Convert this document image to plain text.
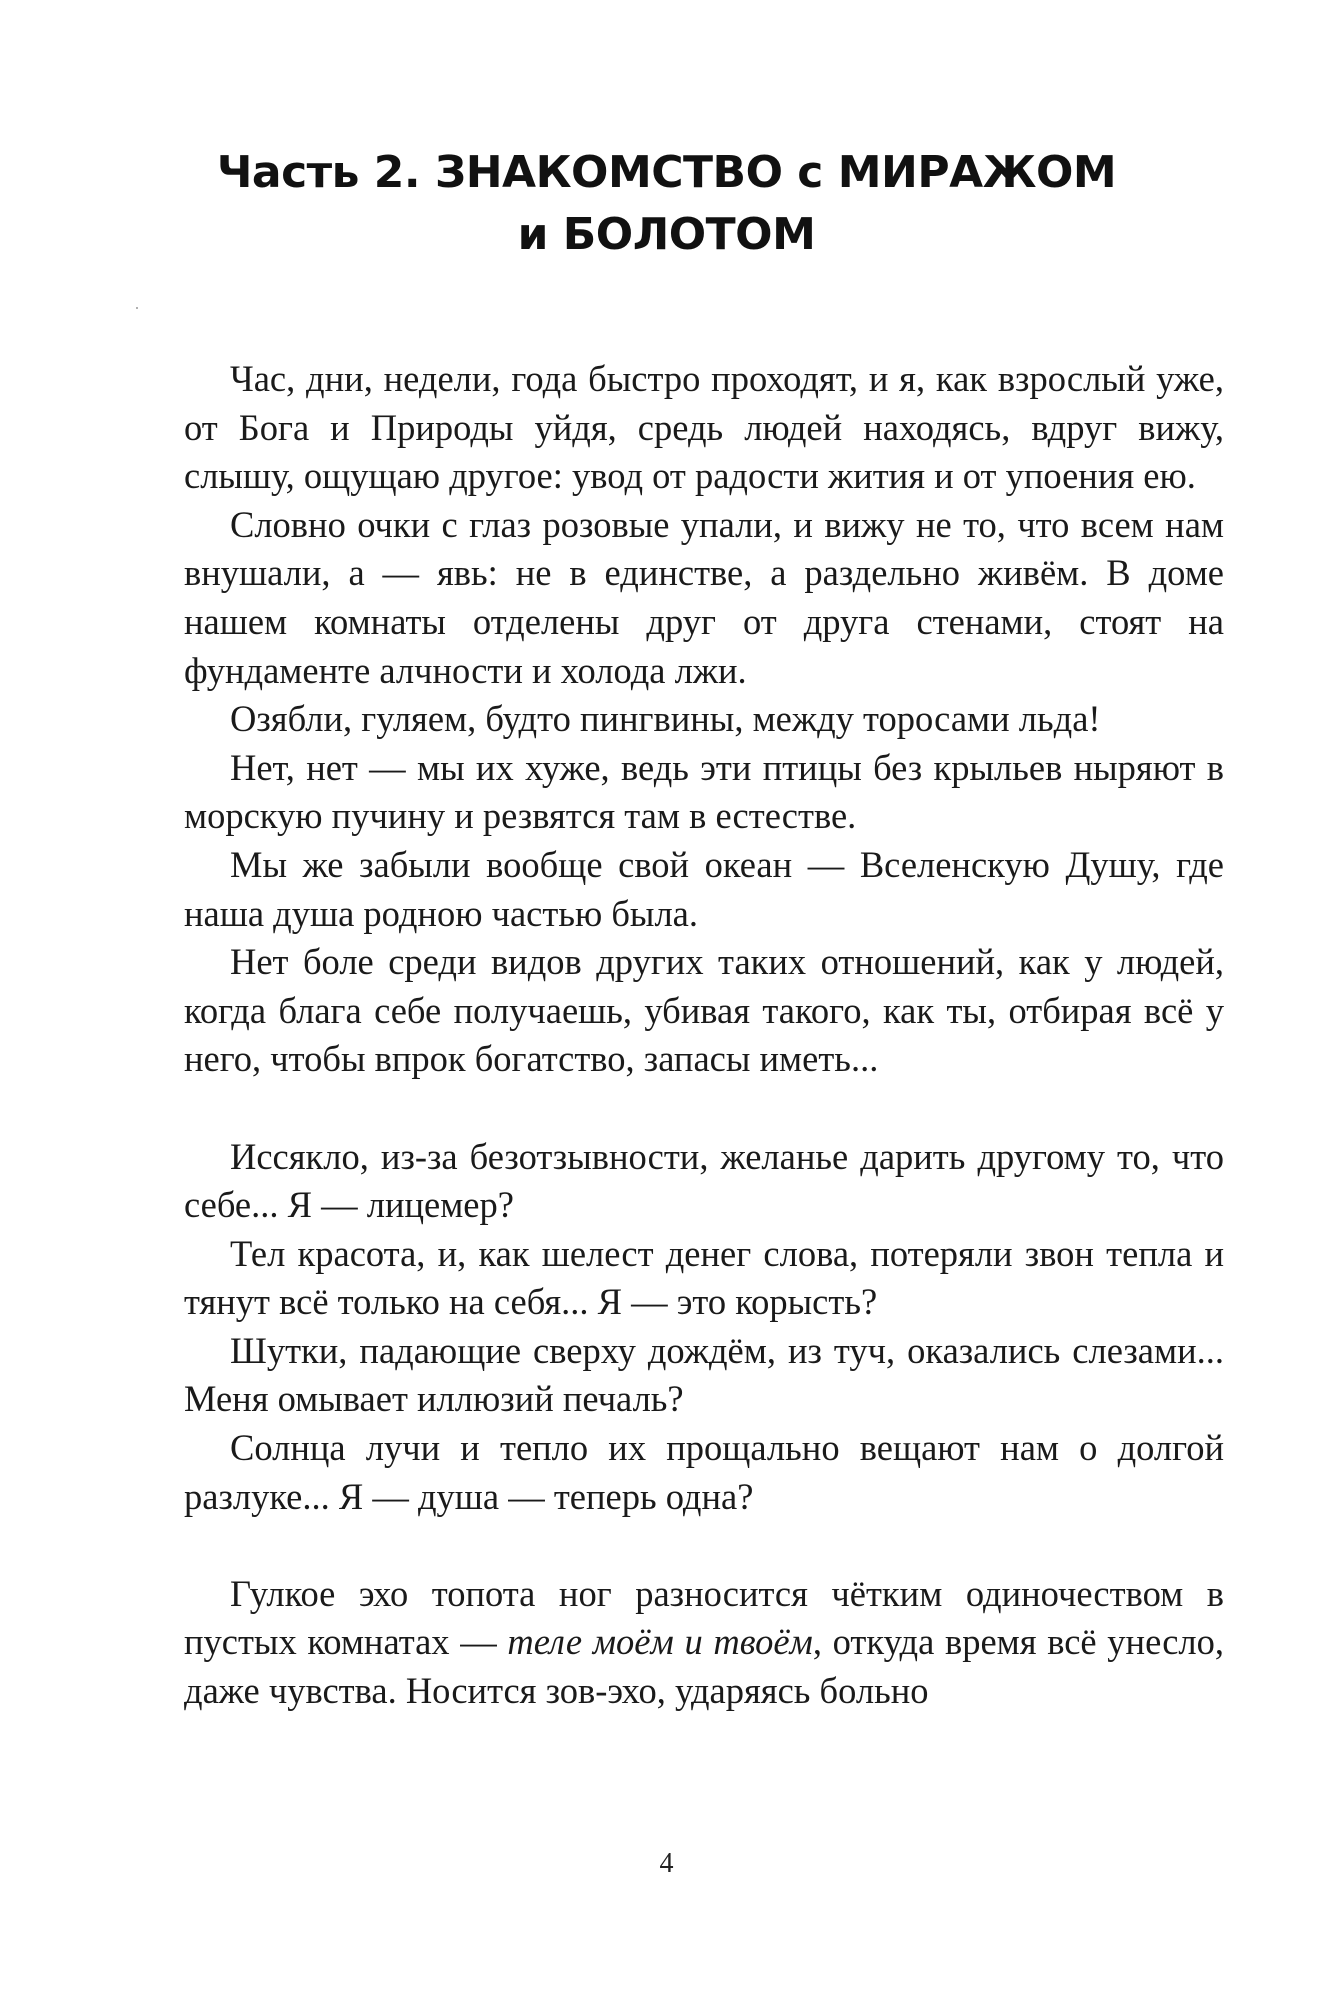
Часть 2. ЗНАКОМСТВО с МИРАЖОМ
и БОЛОТОМ

Час, дни, недели, года быстро проходят, и я, как взрослый уже, от Бога и Природы уйдя, средь людей находясь, вдруг вижу, слышу, ощущаю другое: увод от радости жития и от упоения ею.

Словно очки с глаз розовые упали, и вижу не то, что всем нам внушали, а — явь: не в единстве, а раздельно живём. В доме нашем комнаты отделены друг от друга стенами, стоят на фундаменте алчности и холода лжи.

Озябли, гуляем, будто пингвины, между торосами льда!

Нет, нет — мы их хуже, ведь эти птицы без крыльев ныряют в морскую пучину и резвятся там в естестве.

Мы же забыли вообще свой океан — Вселенскую Душу, где наша душа родною частью была.

Нет боле среди видов других таких отношений, как у людей, когда блага себе получаешь, убивая такого, как ты, отбирая всё у него, чтобы впрок богатство, запасы иметь...

Иссякло, из-за безотзывности, желанье дарить другому то, что себе... Я — лицемер?

Тел красота, и, как шелест денег слова, потеряли звон тепла и тянут всё только на себя... Я — это корысть?

Шутки, падающие сверху дождём, из туч, оказались слезами... Меня омывает иллюзий печаль?

Солнца лучи и тепло их прощально вещают нам о долгой разлуке... Я — душа — теперь одна?

Гулкое эхо топота ног разносится чётким одиночеством в пустых комнатах — теле моём и твоём, откуда время всё унесло, даже чувства. Носится зов-эхо, ударяясь больно

4
